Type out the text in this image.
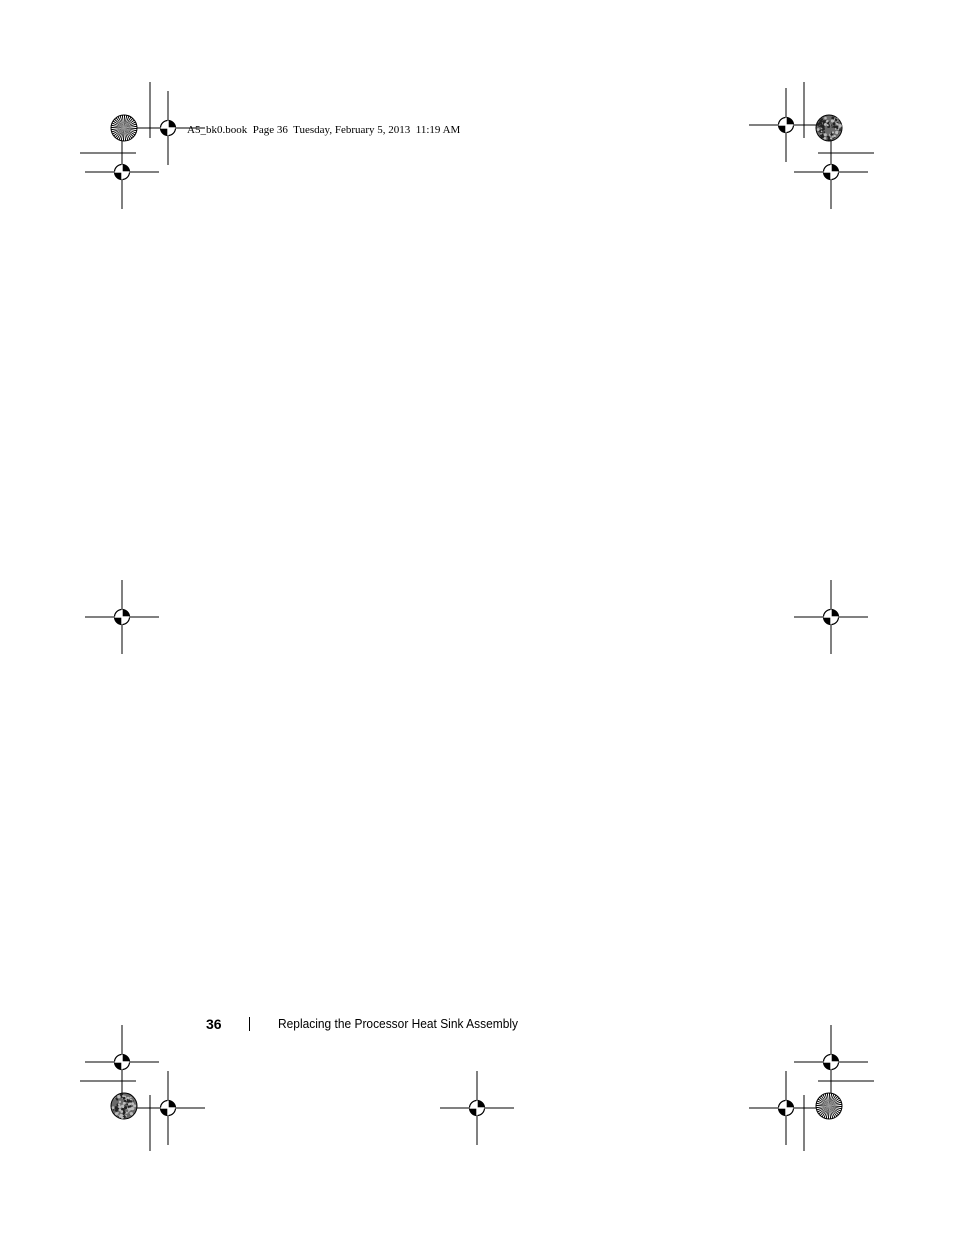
A5_bk0.book Page 36 Tuesday, February 5, 2013 11:19 AM
36	Replacing the Processor Heat Sink Assembly
